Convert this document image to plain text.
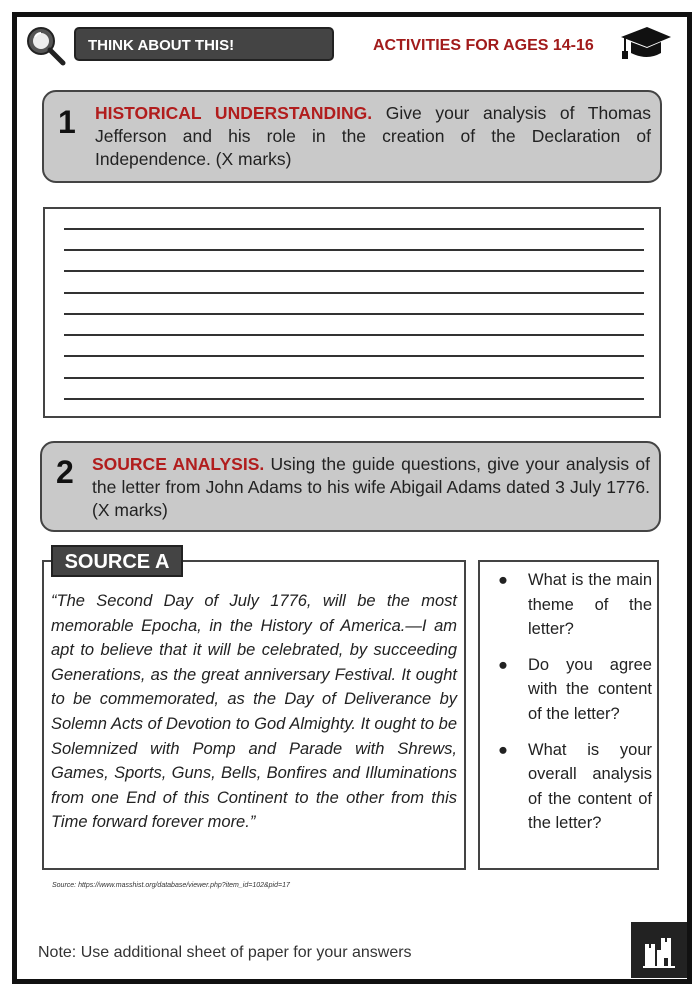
THINK ABOUT THIS!	ACTIVITIES FOR AGES 14-16
1 HISTORICAL UNDERSTANDING. Give your analysis of Thomas Jefferson and his role in the creation of the Declaration of Independence. (X marks)
2 SOURCE ANALYSIS. Using the guide questions, give your analysis of the letter from John Adams to his wife Abigail Adams dated 3 July 1776. (X marks)
SOURCE A

“The Second Day of July 1776, will be the most memorable Epocha, in the History of America.—I am apt to believe that it will be celebrated, by succeeding Generations, as the great anniversary Festival. It ought to be commemorated, as the Day of Deliverance by Solemn Acts of Devotion to God Almighty. It ought to be Solemnized with Pomp and Parade with Shrews, Games, Sports, Guns, Bells, Bonfires and Illuminations from one End of this Continent to the other from this Time forward forever more.”

● What is the main theme of the letter?
● Do you agree with the content of the letter?
● What is your overall analysis of the content of the letter?
Source: https://www.masshist.org/database/viewer.php?item_id=102&pid=17
Note: Use additional sheet of paper for your answers
